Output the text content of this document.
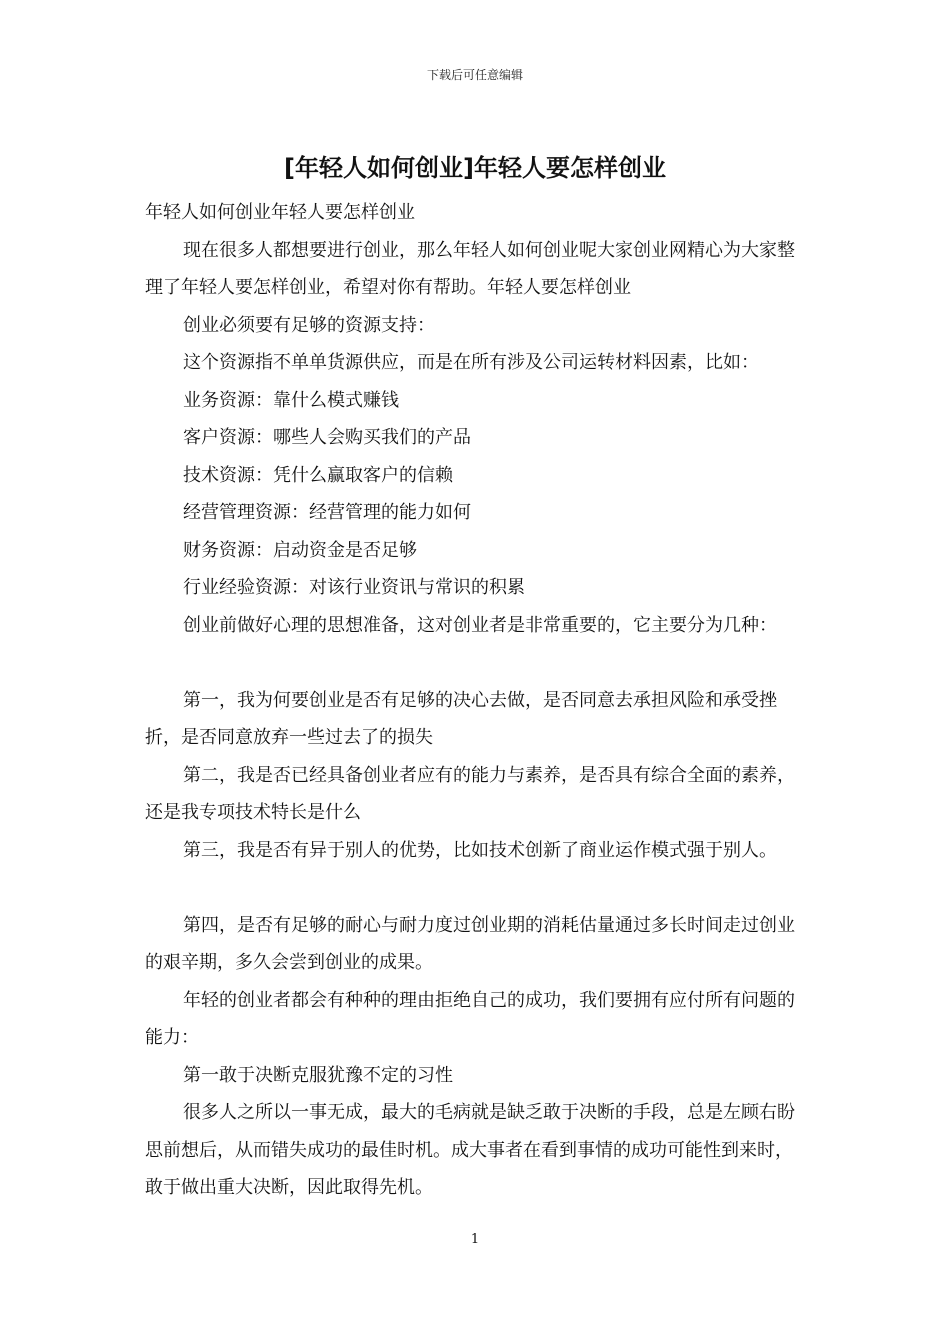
下载后可任意编辑
[年轻人如何创业]年轻人要怎样创业

年轻人如何创业年轻人要怎样创业

现在很多人都想要进行创业，那么年轻人如何创业呢大家创业网精心为大家整理了年轻人要怎样创业，希望对你有帮助。年轻人要怎样创业

创业必须要有足够的资源支持：

这个资源指不单单货源供应，而是在所有涉及公司运转材料因素，比如：

业务资源：靠什么模式赚钱

客户资源：哪些人会购买我们的产品

技术资源：凭什么赢取客户的信赖

经营管理资源：经营管理的能力如何

财务资源：启动资金是否足够

行业经验资源：对该行业资讯与常识的积累

创业前做好心理的思想准备，这对创业者是非常重要的，它主要分为几种：

第一，我为何要创业是否有足够的决心去做，是否同意去承担风险和承受挫折，是否同意放弃一些过去了的损失

第二，我是否已经具备创业者应有的能力与素养，是否具有综合全面的素养，还是我专项技术特长是什么

第三，我是否有异于别人的优势，比如技术创新了商业运作模式强于别人。

第四，是否有足够的耐心与耐力度过创业期的消耗估量通过多长时间走过创业的艰辛期，多久会尝到创业的成果。

年轻的创业者都会有种种的理由拒绝自己的成功，我们要拥有应付所有问题的能力：

第一敢于决断克服犹豫不定的习性

很多人之所以一事无成，最大的毛病就是缺乏敢于决断的手段，总是左顾右盼思前想后，从而错失成功的最佳时机。成大事者在看到事情的成功可能性到来时，敢于做出重大决断，因此取得先机。

1
